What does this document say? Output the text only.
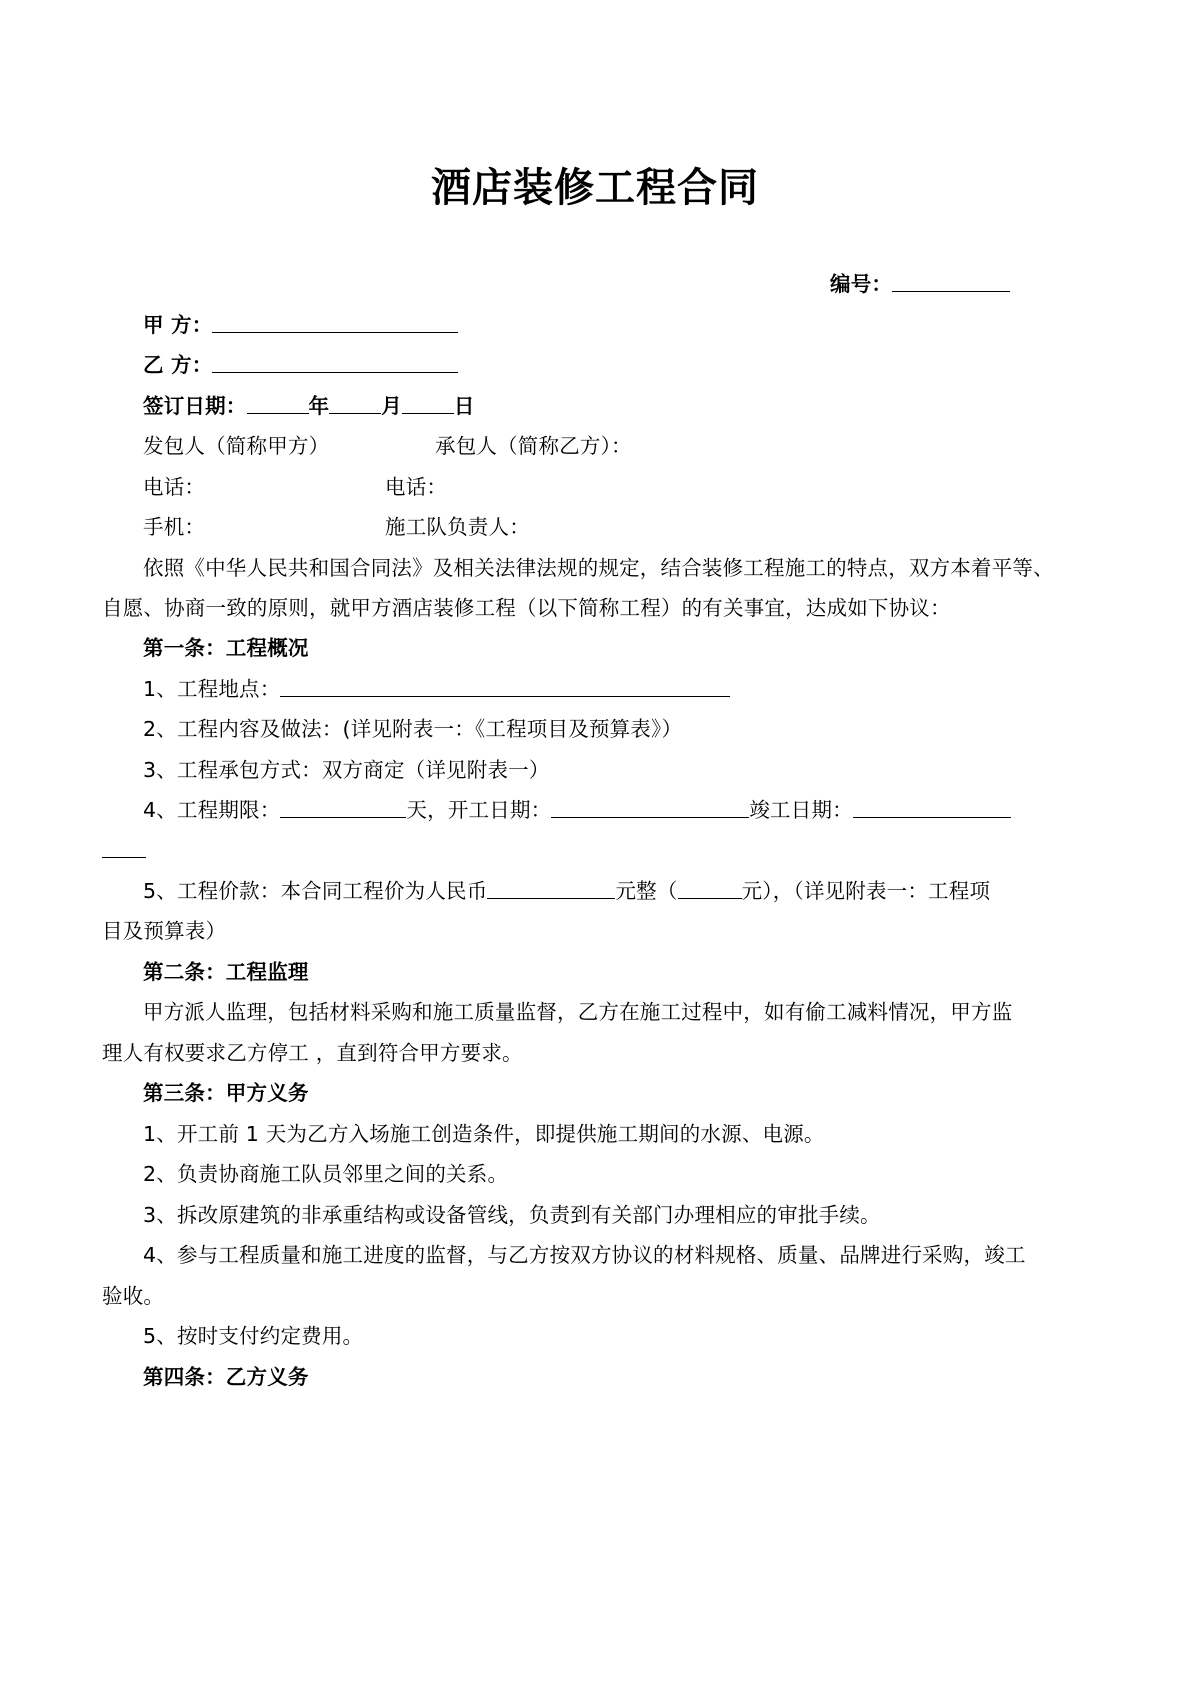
酒店装修工程合同
编号：
甲 方：
乙 方：
签订日期：	年	月	日
发包人（简称甲方）	承包人（简称乙方）：
电话：	电话：
手机：	施工队负责人：
依照《中华人民共和国合同法》及相关法律法规的规定，结合装修工程施工的特点，双方本着平等、
自愿、协商一致的原则，就甲方酒店装修工程（以下简称工程）的有关事宜，达成如下协议：
第一条：工程概况
1、工程地点：
2、工程内容及做法：(详见附表一：《工程项目及预算表》）
3、工程承包方式：双方商定（详见附表一）
4、工程期限：	天，开工日期：	竣工日期：
5、工程价款：本合同工程价为人民币	元整（	元），（详见附表一：工程项
目及预算表）
第二条：工程监理
甲方派人监理，包括材料采购和施工质量监督，乙方在施工过程中，如有偷工减料情况，甲方监
理人有权要求乙方停工 ，直到符合甲方要求。
第三条：甲方义务
1、开工前 1 天为乙方入场施工创造条件，即提供施工期间的水源、电源。
2、负责协商施工队员邻里之间的关系。
3、拆改原建筑的非承重结构或设备管线，负责到有关部门办理相应的审批手续。
4、参与工程质量和施工进度的监督，与乙方按双方协议的材料规格、质量、品牌进行采购，竣工
验收。
5、按时支付约定费用。
第四条：乙方义务
